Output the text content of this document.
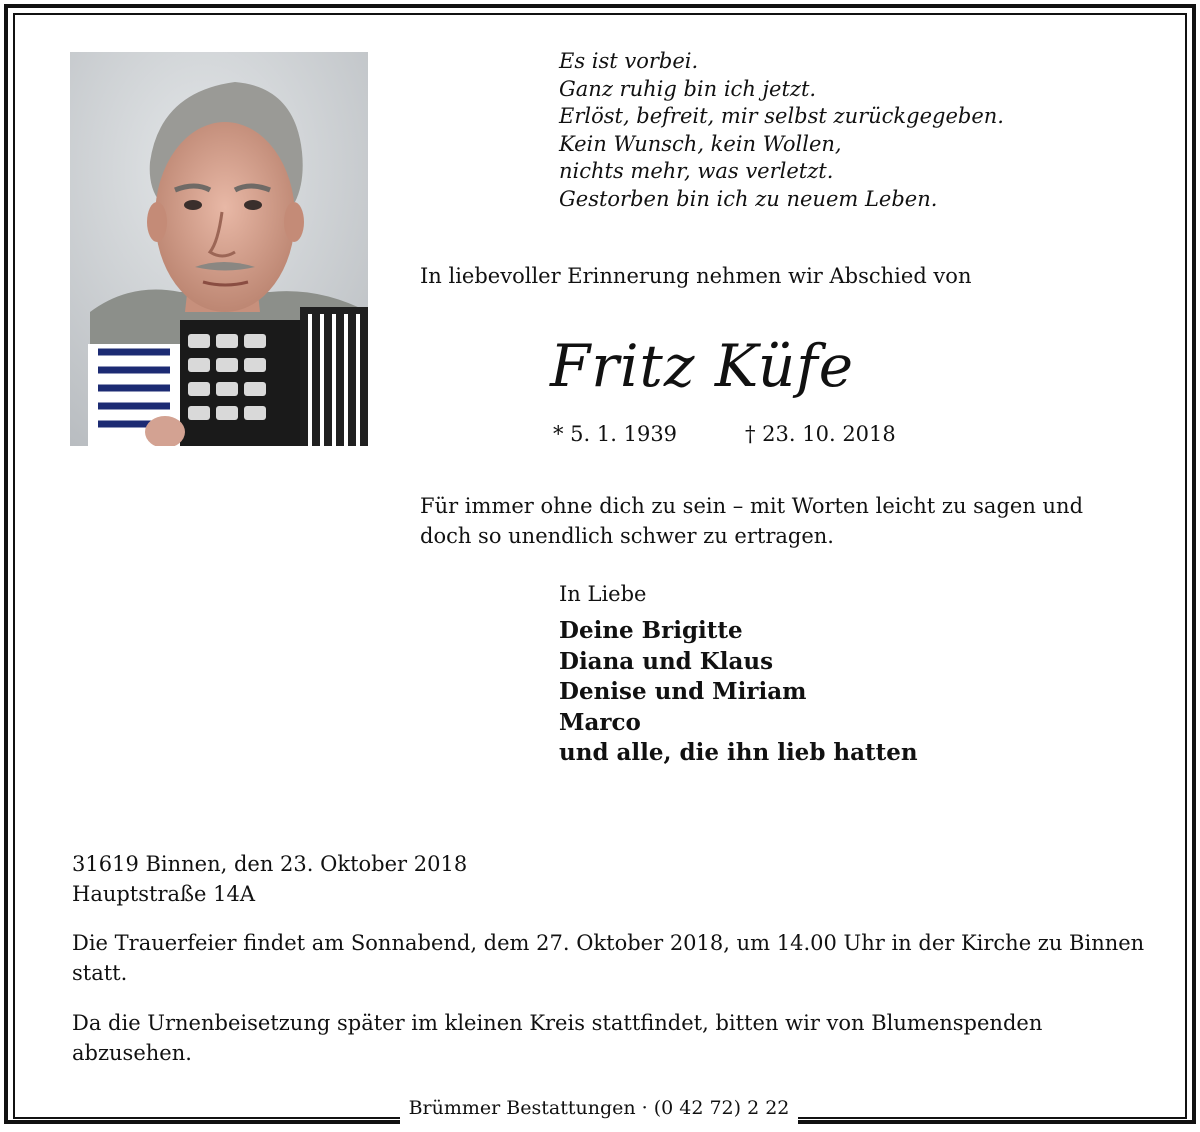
Es ist vorbei.
Ganz ruhig bin ich jetzt.
Erlöst, befreit, mir selbst zurückgegeben.
Kein Wunsch, kein Wollen,
nichts mehr, was verletzt.
Gestorben bin ich zu neuem Leben.
In liebevoller Erinnerung nehmen wir Abschied von
Fritz Küfe
* 5. 1. 1939	† 23. 10. 2018
Für immer ohne dich zu sein – mit Worten leicht zu sagen und doch so unendlich schwer zu ertragen.
In Liebe
Deine Brigitte
Diana und Klaus
Denise und Miriam
Marco
und alle, die ihn lieb hatten
31619 Binnen, den 23. Oktober 2018
Hauptstraße 14A
Die Trauerfeier findet am Sonnabend, dem 27. Oktober 2018, um 14.00 Uhr in der Kirche zu Binnen statt.
Da die Urnenbeisetzung später im kleinen Kreis stattfindet, bitten wir von Blumenspenden abzusehen.
Brümmer Bestattungen · (0 42 72) 2 22
